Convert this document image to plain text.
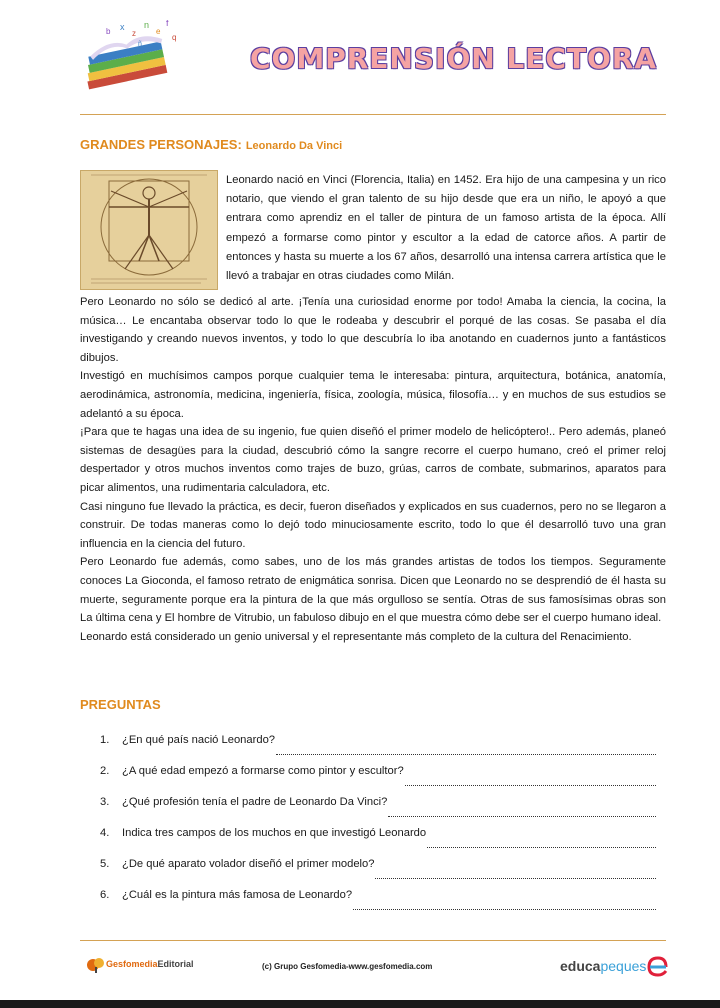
b x
z
n
e
f
ñ
q
COMPRENSIÓN LECTORA
GRANDES PERSONAJES: Leonardo Da Vinci
Leonardo nació en Vinci (Florencia, Italia) en 1452. Era hijo de una campesina y un rico notario, que viendo el gran talento de su hijo desde que era un niño, le apoyó a que entrara como aprendiz en el taller de pintura de un famoso artista de la época. Allí empezó a formarse como pintor y escultor a la edad de catorce años. A partir de entonces y hasta su muerte a los 67 años, desarrolló una intensa carrera artística que le llevó a trabajar en otras ciudades como Milán.

Pero Leonardo no sólo se dedicó al arte. ¡Tenía una curiosidad enorme por todo! Amaba la ciencia, la cocina, la música… Le encantaba observar todo lo que le rodeaba y descubrir el porqué de las cosas. Se pasaba el día investigando y creando nuevos inventos, y todo lo que descubría lo iba anotando en cuadernos junto a fantásticos dibujos.

Investigó en muchísimos campos porque cualquier tema le interesaba: pintura, arquitectura, botánica, anatomía, aerodinámica, astronomía, medicina, ingeniería, física, zoología, música, filosofía… y en muchos de sus estudios se adelantó a su época.

¡Para que te hagas una idea de su ingenio, fue quien diseñó el primer modelo de helicóptero!.. Pero además, planeó sistemas de desagües para la ciudad, descubrió cómo la sangre recorre el cuerpo humano, creó el primer reloj despertador y otros muchos inventos como trajes de buzo, grúas, carros de combate, submarinos, aparatos para picar alimentos, una rudimentaria calculadora, etc.

Casi ninguno fue llevado la práctica, es decir, fueron diseñados y explicados en sus cuadernos, pero no se llegaron a construir. De todas maneras como lo dejó todo minuciosamente escrito, todo lo que él desarrolló tuvo una gran influencia en la ciencia del futuro.

Pero Leonardo fue además, como sabes, uno de los más grandes artistas de todos los tiempos. Seguramente conoces La Gioconda, el famoso retrato de enigmática sonrisa. Dicen que Leonardo no se desprendió de él hasta su muerte, seguramente porque era la pintura de la que más orgulloso se sentía. Otras de sus famosísimas obras son La última cena y El hombre de Vitrubio, un fabuloso dibujo en el que muestra cómo debe ser el cuerpo humano ideal.

Leonardo está considerado un genio universal y el representante más completo de la cultura del Renacimiento.

PREGUNTAS
1.	¿En qué país nació Leonardo?
2.	¿A qué edad empezó a formarse como pintor y escultor?
3.	¿Qué profesión tenía el padre de Leonardo Da Vinci?
4.	Indica tres campos de los muchos en que investigó Leonardo
5.	¿De qué aparato volador diseñó el primer modelo?
6.	¿Cuál es la pintura más famosa de Leonardo?
Gesfomedia Editorial	(c) Grupo Gesfomedia-www.gesfomedia.com	educa peques
